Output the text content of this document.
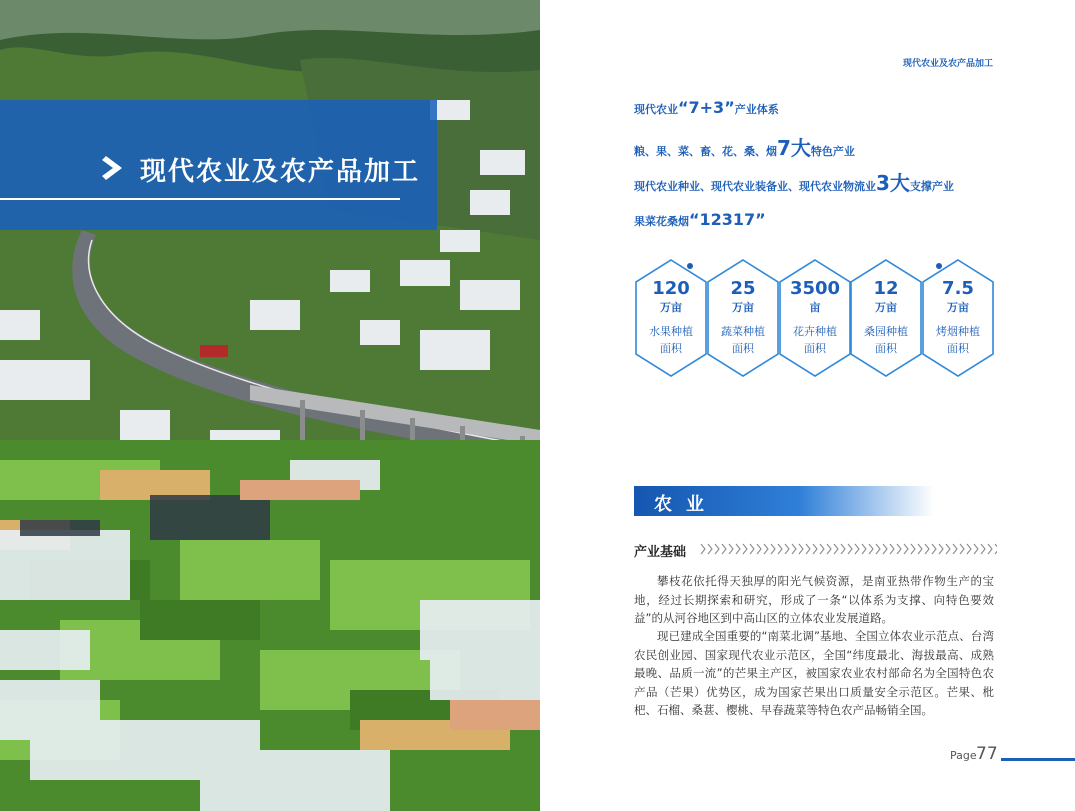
现代农业及农产品加工
现代农业及农产品加工
现代农业“7+3”产业体系
粮、果、菜、畜、花、桑、烟7大特色产业
现代农业种业、现代农业装备业、现代农业物流业3大支撑产业
果菜花桑烟“12317”
120
万亩
水果种植面积
25
万亩
蔬菜种植面积
3500
亩
花卉种植面积
12
万亩
桑园种植面积
7.5
万亩
烤烟种植面积
农业
产业基础

攀枝花依托得天独厚的阳光气候资源，是南亚热带作物生产的宝地，经过长期探索和研究，形成了一条“以体系为支撑、向特色要效益”的从河谷地区到中高山区的立体农业发展道路。

现已建成全国重要的“南菜北调”基地、全国立体农业示范点、台湾农民创业园、国家现代农业示范区，全国“纬度最北、海拔最高、成熟最晚、品质一流”的芒果主产区，被国家农业农村部命名为全国特色农产品（芒果）优势区，成为国家芒果出口质量安全示范区。芒果、枇杷、石榴、桑葚、樱桃、早春蔬菜等特色农产品畅销全国。

Page 77
